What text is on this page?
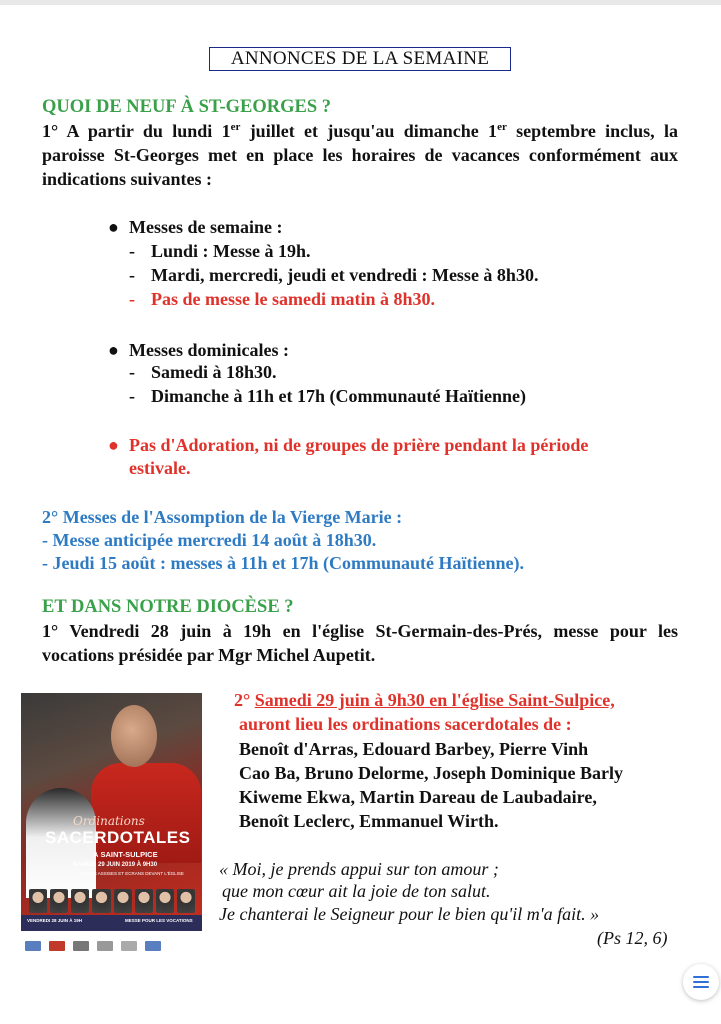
ANNONCES DE LA SEMAINE
QUOI DE NEUF À ST-GEORGES ?
1° A partir du lundi 1er juillet et jusqu'au dimanche 1er septembre inclus, la paroisse St-Georges met en place les horaires de vacances conformément aux indications suivantes :
● Messes de semaine :
- Lundi : Messe à 19h.
- Mardi, mercredi, jeudi et vendredi : Messe à 8h30.
- Pas de messe le samedi matin à 8h30.
● Messes dominicales :
- Samedi à 18h30.
- Dimanche à 11h et 17h (Communauté Haïtienne)
● Pas d'Adoration, ni de groupes de prière pendant la période
estivale.
2° Messes de l'Assomption de la Vierge Marie :
- Messe anticipée mercredi 14 août à 18h30.
- Jeudi 15 août : messes à 11h et 17h (Communauté Haïtienne).
ET DANS NOTRE DIOCÈSE ?
1° Vendredi 28 juin à 19h en l'église St-Germain-des-Prés, messe pour les vocations présidée par Mgr Michel Aupetit.
Ordinations
SACERDOTALES
À SAINT-SULPICE
SAMEDI 29 JUIN 2019 À 9H30
PLACES ASSISES ET ECRANS DEVANT L'ÉGLISE
VENDREDI 28 JUIN À 19H	MESSE POUR LES VOCATIONS
2° Samedi 29 juin à 9h30 en l'église Saint-Sulpice,
auront lieu les ordinations sacerdotales de :
Benoît d'Arras, Edouard Barbey, Pierre Vinh
Cao Ba, Bruno Delorme, Joseph Dominique Barly
Kiweme Ekwa, Martin Dareau de Laubadaire,
Benoît Leclerc, Emmanuel Wirth.
« Moi, je prends appui sur ton amour ;
que mon cœur ait la joie de ton salut.
Je chanterai le Seigneur pour le bien qu'il m'a fait. »
(Ps 12, 6)
